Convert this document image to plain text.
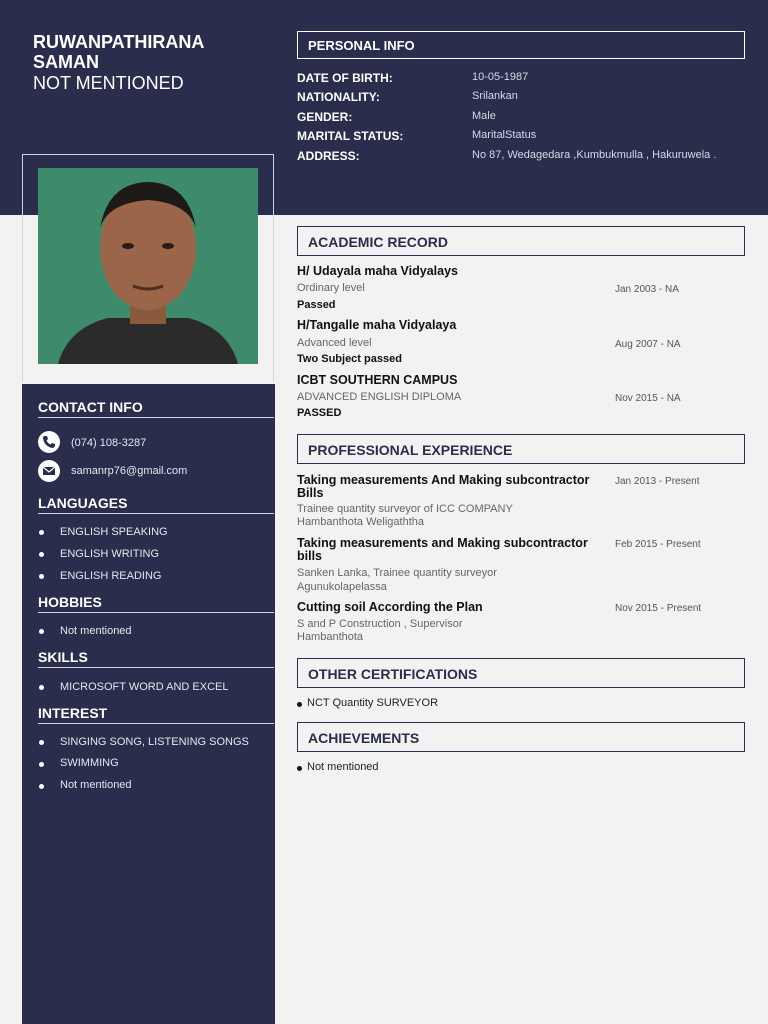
RUWANPATHIRANA SAMAN
NOT MENTIONED
PERSONAL INFO
DATE OF BIRTH:	10-05-1987
NATIONALITY:	Srilankan
GENDER:	Male
MARITAL STATUS:	MaritalStatus
ADDRESS:	No 87, Wedagedara ,Kumbukmulla , Hakuruwela .
CONTACT INFO
(074) 108-3287
samanrp76@gmail.com
LANGUAGES
ENGLISH SPEAKING
ENGLISH WRITING
ENGLISH READING
HOBBIES
Not mentioned
SKILLS
MICROSOFT WORD AND EXCEL
INTEREST
SINGING SONG, LISTENING SONGS
SWIMMING
Not mentioned
ACADEMIC RECORD
H/ Udayala maha Vidyalays
Ordinary level	Jan 2003 - NA
Passed
H/Tangalle maha Vidyalaya
Advanced level	Aug 2007 - NA
Two Subject passed
ICBT SOUTHERN CAMPUS
ADVANCED ENGLISH DIPLOMA	Nov 2015 - NA
PASSED
PROFESSIONAL EXPERIENCE
Taking measurements And Making subcontractor Bills
Jan 2013 - Present
Trainee quantity surveyor of ICC COMPANY
Hambanthota Weligaththa
Taking measurements and Making subcontractor bills
Feb 2015 - Present
Sanken Lanka, Trainee quantity surveyor
Agunukolapelassa
Cutting soil According the Plan	Nov 2015 - Present
S and P Construction , Supervisor
Hambanthota
OTHER CERTIFICATIONS
NCT Quantity SURVEYOR
ACHIEVEMENTS
Not mentioned
